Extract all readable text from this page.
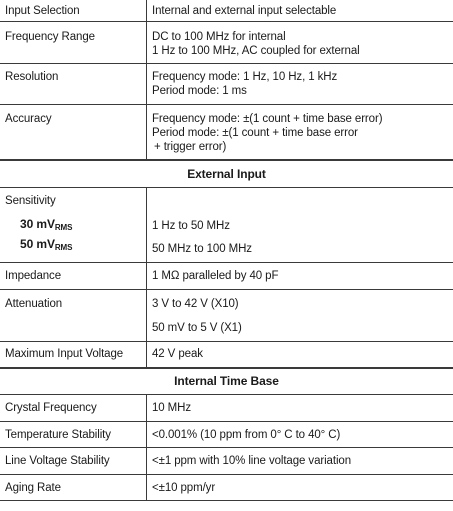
Input Selection	Internal and external input selectable
Frequency Range	DC to 100 MHz for internal
1 Hz to 100 MHz, AC coupled for external
Resolution	Frequency mode: 1 Hz, 10 Hz, 1 kHz
Period mode: 1 ms
Accuracy	Frequency mode: ±(1 count + time base error)
Period mode: ±(1 count + time base error
+ trigger error)
External Input
Sensitivity
30 $mV_{RMS}$	1 Hz to 50 MHz
50 $mV_{RMS}$	50 MHz to 100 MHz
Impedance	1 MΩ paralleled by 40 pF
Attenuation	3 V to 42 V (X10)
50 mV to 5 V (X1)
Maximum Input Voltage	42 V peak
Internal Time Base
Crystal Frequency	10 MHz
Temperature Stability	<0.001% (10 ppm from 0° C to 40° C)
Line Voltage Stability	<±1 ppm with 10% line voltage variation
Aging Rate	<±10 ppm/yr
